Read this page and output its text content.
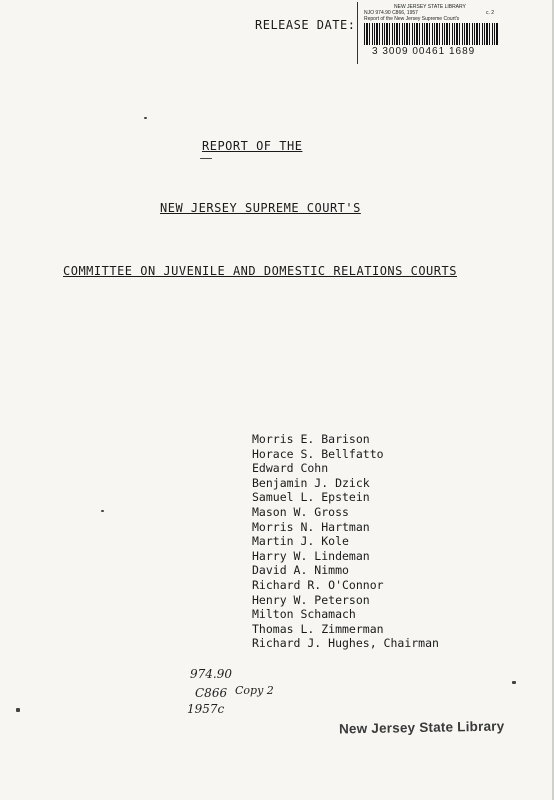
RELEASE DATE:
NEW JERSEY STATE LIBRARY
NJO 974.90 C866, 1957	c. 2
Report of the New Jersey Supreme Court's
3 3009 00461 1689
REPORT OF THE
NEW JERSEY SUPREME COURT'S
COMMITTEE ON JUVENILE AND DOMESTIC RELATIONS COURTS
Morris E. Barison
Horace S. Bellfatto
Edward Cohn
Benjamin J. Dzick
Samuel L. Epstein
Mason W. Gross
Morris N. Hartman
Martin J. Kole
Harry W. Lindeman
David A. Nimmo
Richard R. O'Connor
Henry W. Peterson
Milton Schamach
Thomas L. Zimmerman
Richard J. Hughes, Chairman
974.90
C866
1957c
Copy 2
New Jersey State Library
